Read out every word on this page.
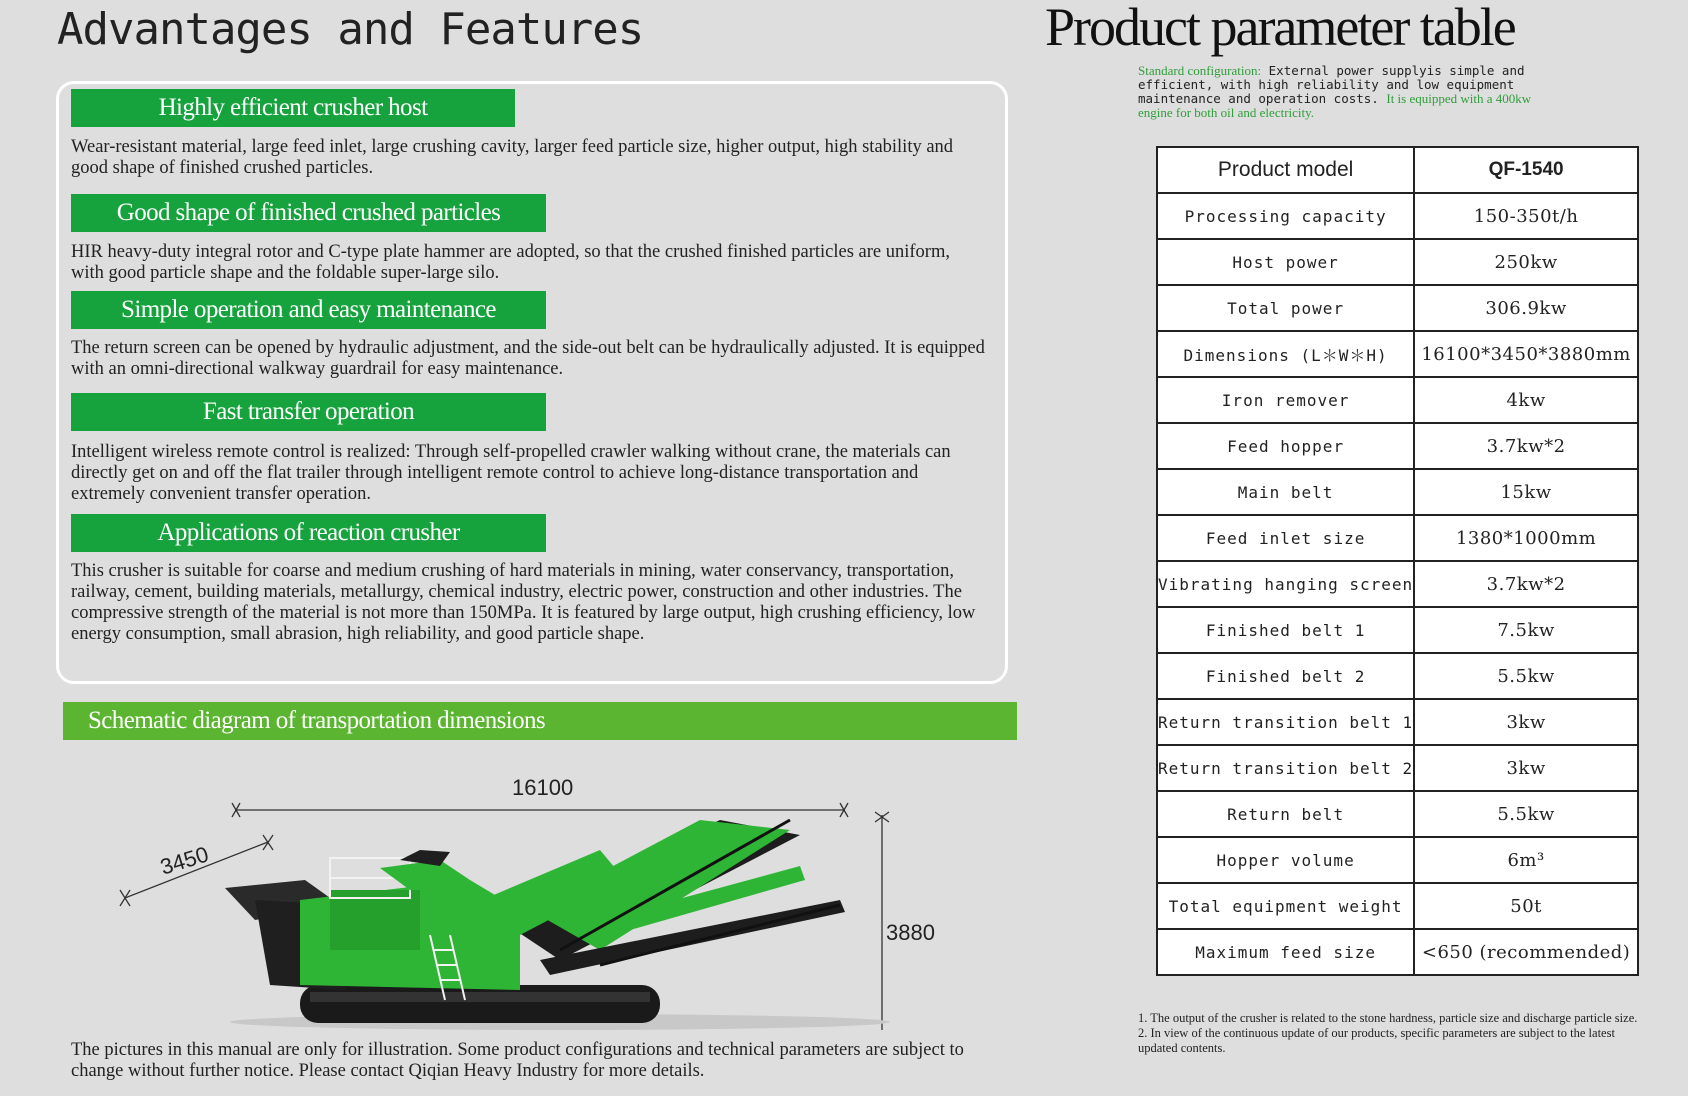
Advantages and Features	Product parameter table
Standard configuration: External power supplyis simple and efficient, with high reliability and low equipment maintenance and operation costs. It is equipped with a 400kw engine for both oil and electricity.
Highly efficient crusher host
Wear-resistant material, large feed inlet, large crushing cavity, larger feed particle size, higher output, high stability and good shape of finished crushed particles.
Good shape of finished crushed particles
HIR heavy-duty integral rotor and C-type plate hammer are adopted, so that the crushed finished particles are uniform, with good particle shape and the foldable super-large silo.
Simple operation and easy maintenance
The return screen can be opened by hydraulic adjustment, and the side-out belt can be hydraulically adjusted. It is equipped with an omni-directional walkway guardrail for easy maintenance.
Fast transfer operation
Intelligent wireless remote control is realized: Through self-propelled crawler walking without crane, the materials can directly get on and off the flat trailer through intelligent remote control to achieve long-distance transportation and extremely convenient transfer operation.
Applications of reaction crusher
This crusher is suitable for coarse and medium crushing of hard materials in mining, water conservancy, transportation, railway, cement, building materials, metallurgy, chemical industry, electric power, construction and other industries. The compressive strength of the material is not more than 150MPa. It is featured by large output, high crushing efficiency, low energy consumption, small abrasion, high reliability, and good particle shape.
Schematic diagram of transportation dimensions
16100
3450
3880
The pictures in this manual are only for illustration. Some product configurations and technical parameters are subject to change without further notice. Please contact Qiqian Heavy Industry for more details.
Product model	QF-1540
Processing capacity	150-350t/h
Host power	250kw
Total power	306.9kw
Dimensions (L＊W＊H)	16100*3450*3880mm
Iron remover	4kw
Feed hopper	3.7kw*2
Main belt	15kw
Feed inlet size	1380*1000mm
Vibrating hanging screen	3.7kw*2
Finished belt 1	7.5kw
Finished belt 2	5.5kw
Return transition belt 1	3kw
Return transition belt 2	3kw
Return belt	5.5kw
Hopper volume	6m³
Total equipment weight	50t
Maximum feed size	<650 (recommended)
1. The output of the crusher is related to the stone hardness, particle size and discharge particle size.
2. In view of the continuous update of our products, specific parameters are subject to the latest updated contents.
